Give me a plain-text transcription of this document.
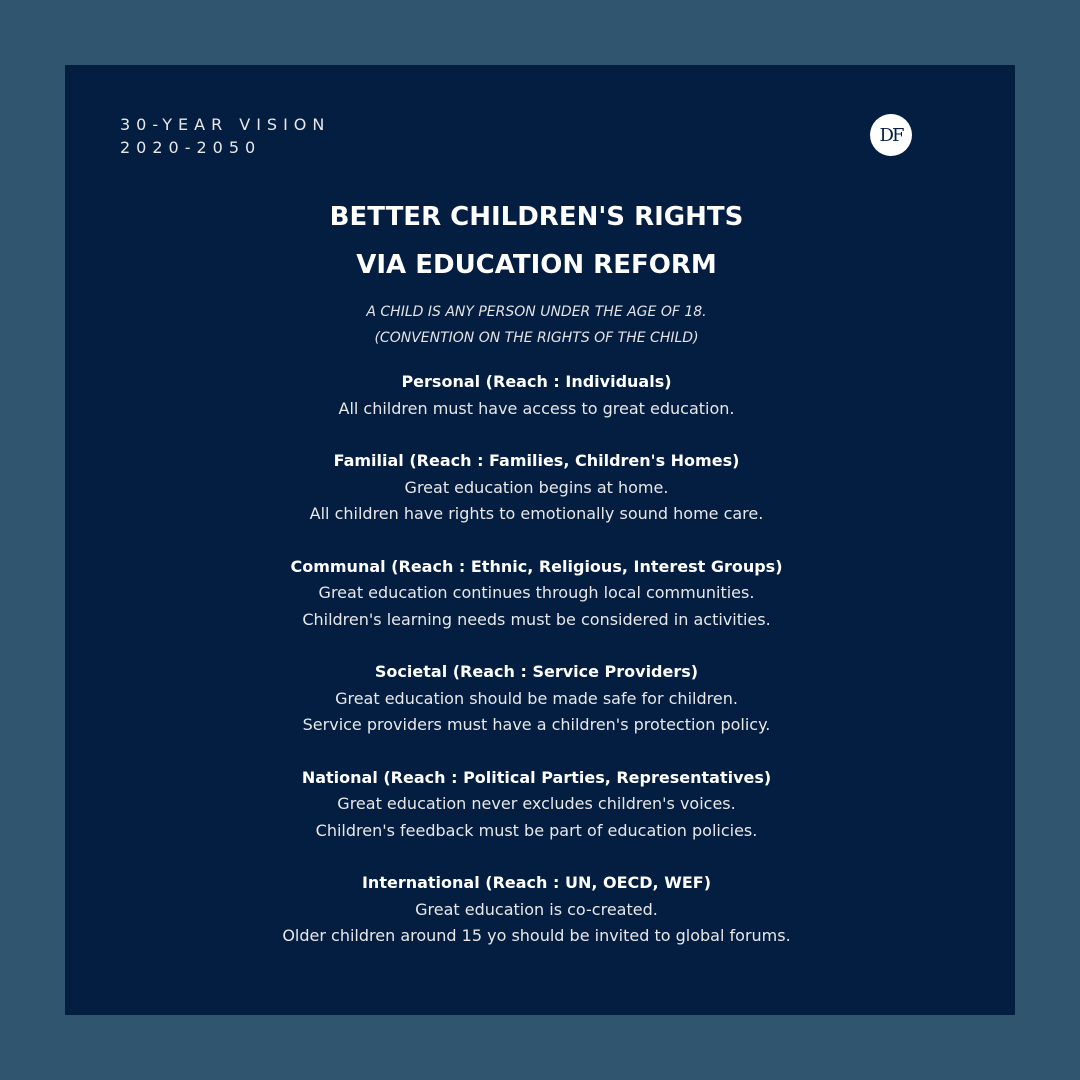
30-YEAR VISION
2020-2050
DF
BETTER CHILDREN'S RIGHTS
VIA EDUCATION REFORM
A CHILD IS ANY PERSON UNDER THE AGE OF 18.
(CONVENTION ON THE RIGHTS OF THE CHILD)
Personal (Reach : Individuals)
All children must have access to great education.
Familial (Reach : Families, Children's Homes)
Great education begins at home.
All children have rights to emotionally sound home care.
Communal (Reach : Ethnic, Religious, Interest Groups)
Great education continues through local communities.
Children's learning needs must be considered in activities.
Societal (Reach : Service Providers)
Great education should be made safe for children.
Service providers must have a children's protection policy.
National (Reach : Political Parties, Representatives)
Great education never excludes children's voices.
Children's feedback must be part of education policies.
International (Reach : UN, OECD, WEF)
Great education is co-created.
Older children around 15 yo should be invited to global forums.
